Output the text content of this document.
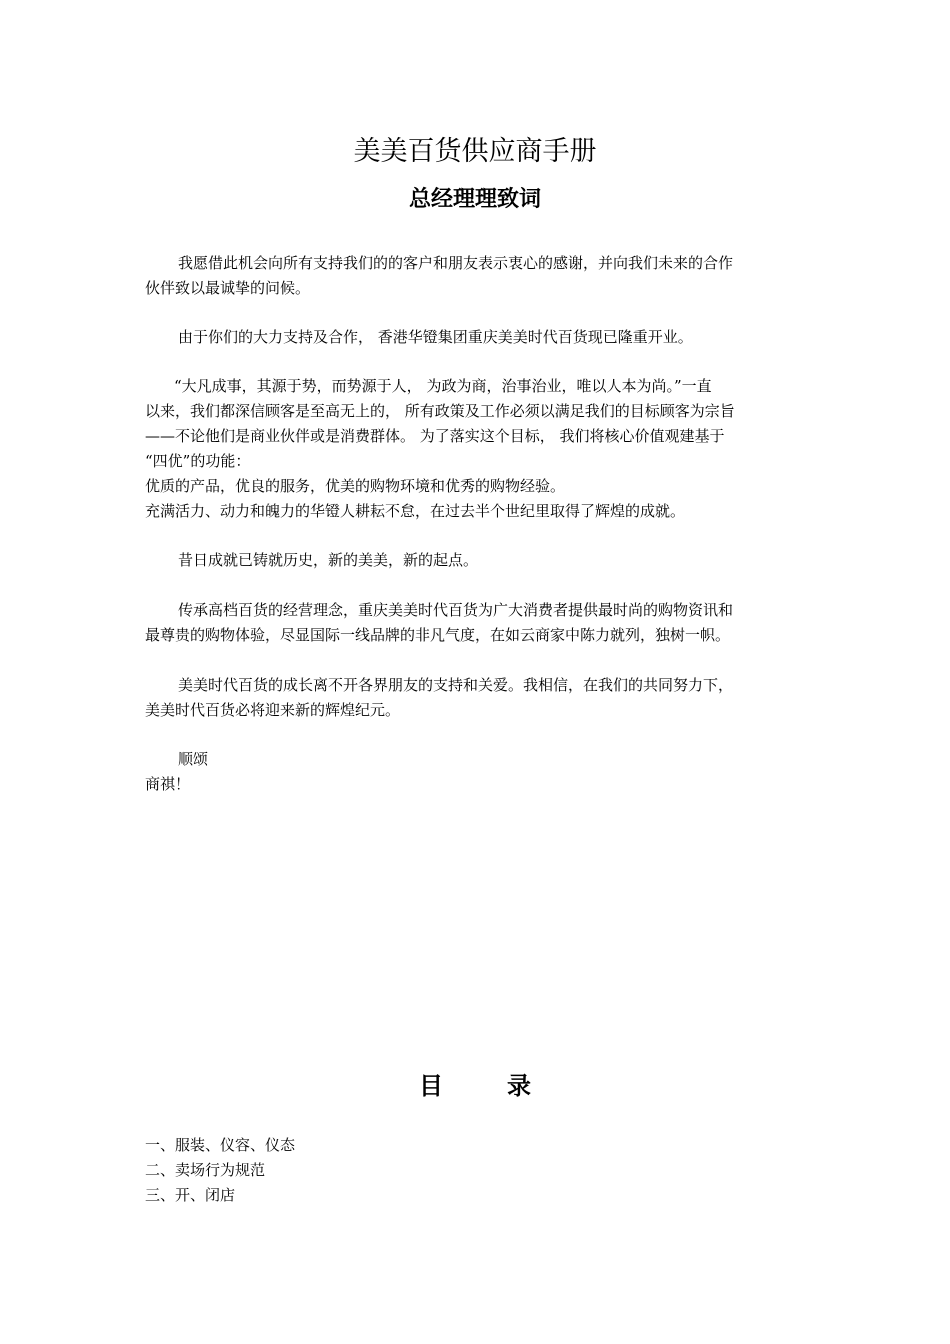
美美百货供应商手册
总经理理致词
我愿借此机会向所有支持我们的的客户和朋友表示衷心的感谢，并向我们未来的合作
伙伴致以最诚挚的问候。
由于你们的大力支持及合作， 香港华镫集团重庆美美时代百货现已隆重开业。
“大凡成事，其源于势，而势源于人， 为政为商，治事治业，唯以人本为尚。”一直
以来，我们都深信顾客是至高无上的， 所有政策及工作必须以满足我们的目标顾客为宗旨
——不论他们是商业伙伴或是消费群体。 为了落实这个目标， 我们将核心价值观建基于
“四优”的功能：
优质的产品，优良的服务，优美的购物环境和优秀的购物经验。
充满活力、动力和魄力的华镫人耕耘不怠，在过去半个世纪里取得了辉煌的成就。
昔日成就已铸就历史，新的美美，新的起点。
传承高档百货的经营理念，重庆美美时代百货为广大消费者提供最时尚的购物资讯和
最尊贵的购物体验，尽显国际一线品牌的非凡气度，在如云商家中陈力就列，独树一帜。
美美时代百货的成长离不开各界朋友的支持和关爱。我相信，在我们的共同努力下，
美美时代百货必将迎来新的辉煌纪元。
顺颂
商祺！
目	录
一、服装、仪容、仪态
二、卖场行为规范
三、开、闭店
